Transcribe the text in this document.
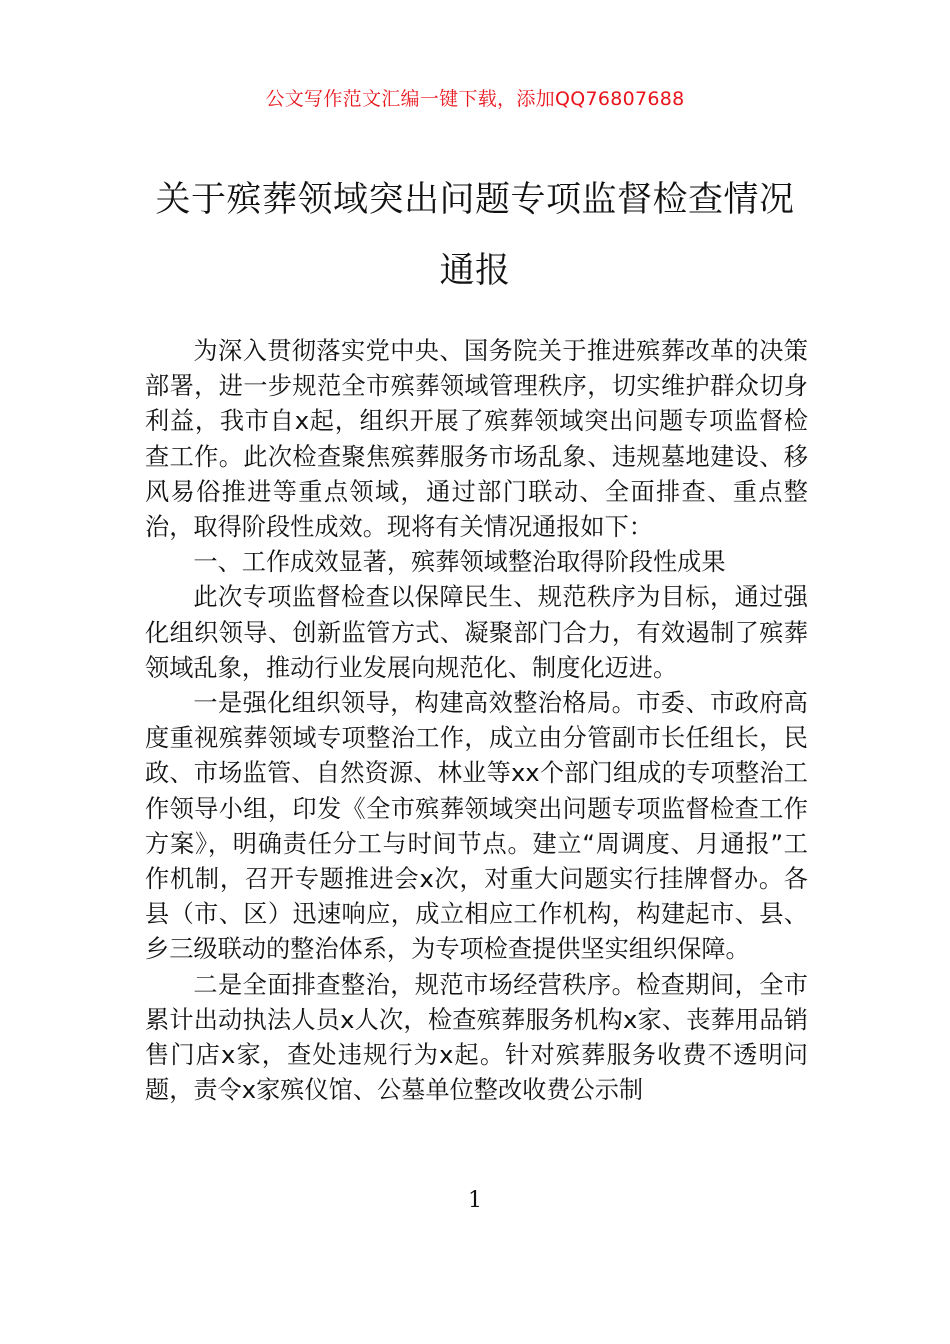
公文写作范文汇编一键下载，添加QQ76807688
关于殡葬领域突出问题专项监督检查情况
通报

为深入贯彻落实党中央、国务院关于推进殡葬改革的决策部署，进一步规范全市殡葬领域管理秩序，切实维护群众切身利益，我市自x起，组织开展了殡葬领域突出问题专项监督检查工作。此次检查聚焦殡葬服务市场乱象、违规墓地建设、移风易俗推进等重点领域，通过部门联动、全面排查、重点整治，取得阶段性成效。现将有关情况通报如下：

一、工作成效显著，殡葬领域整治取得阶段性成果

此次专项监督检查以保障民生、规范秩序为目标，通过强化组织领导、创新监管方式、凝聚部门合力，有效遏制了殡葬领域乱象，推动行业发展向规范化、制度化迈进。

一是强化组织领导，构建高效整治格局。市委、市政府高度重视殡葬领域专项整治工作，成立由分管副市长任组长，民政、市场监管、自然资源、林业等xx个部门组成的专项整治工作领导小组，印发《全市殡葬领域突出问题专项监督检查工作方案》，明确责任分工与时间节点。建立“周调度、月通报”工作机制，召开专题推进会x次，对重大问题实行挂牌督办。各县（市、区）迅速响应，成立相应工作机构，构建起市、县、乡三级联动的整治体系，为专项检查提供坚实组织保障。

二是全面排查整治，规范市场经营秩序。检查期间，全市累计出动执法人员x人次，检查殡葬服务机构x家、丧葬用品销售门店x家，查处违规行为x起。针对殡葬服务收费不透明问题，责令x家殡仪馆、公墓单位整改收费公示制

1
